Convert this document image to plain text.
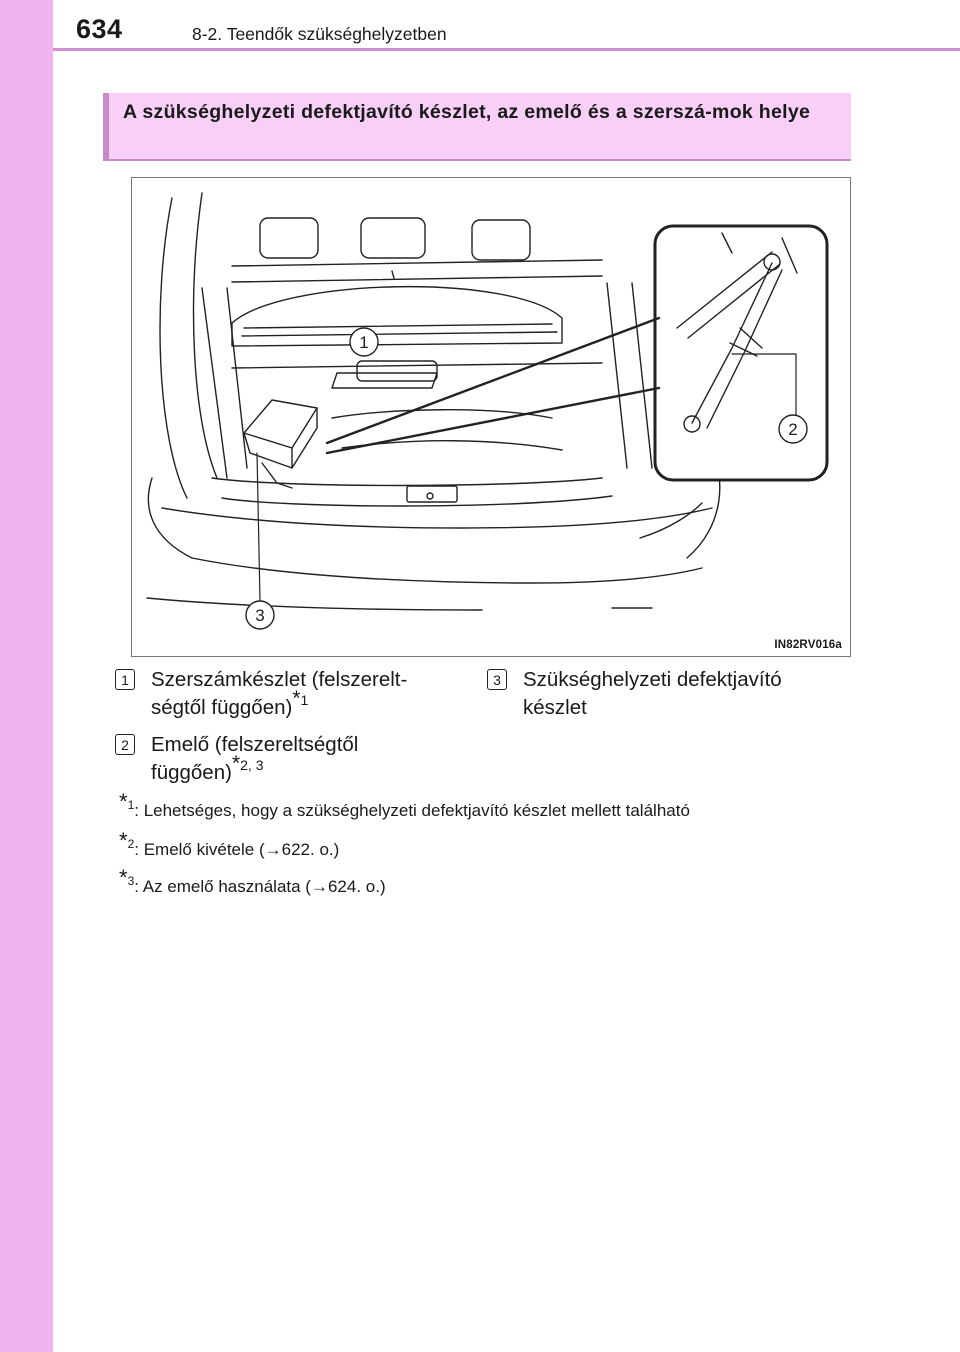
634	8-2. Teendők szükséghelyzetben
A szükséghelyzeti defektjavító készlet, az emelő és a szerszá-mok helye
1
2
3
IN82RV016a
1 Szerszámkészlet (felszerelt-
ségtől függően)$^{*1}$
2 Emelő (felszereltségtől
függően)$^{*2, 3}$
3 Szükséghelyzeti defektjavító
készlet
$^{*1}$: Lehetséges, hogy a szükséghelyzeti defektjavító készlet mellett található
$^{*2}$: Emelő kivétele (→622. o.)
$^{*3}$: Az emelő használata (→624. o.)
